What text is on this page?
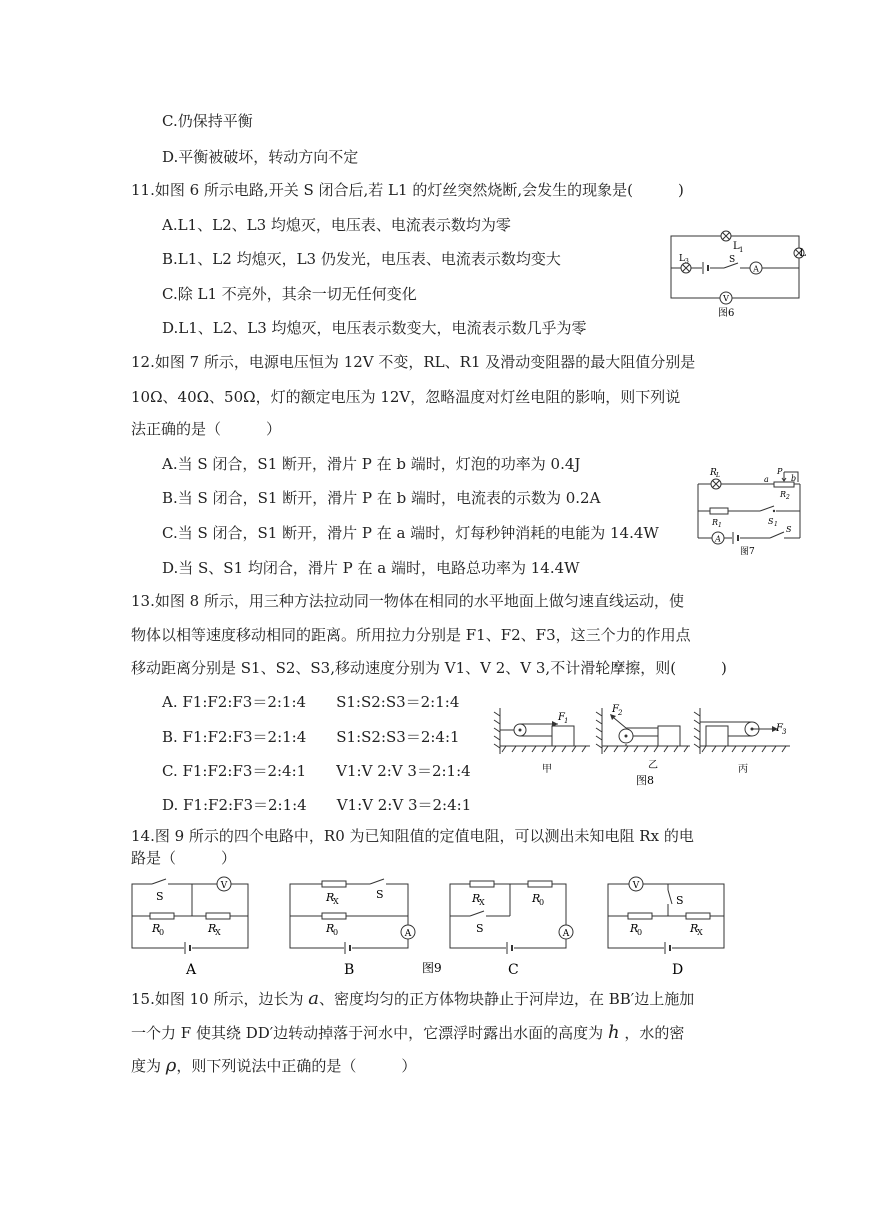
C.仍保持平衡
D.平衡被破坏，转动方向不定
11.如图 6 所示电路,开关 S 闭合后,若 L1 的灯丝突然烧断,会发生的现象是(　　　)
A.L1、L2、L3 均熄灭，电压表、电流表示数均为零
B.L1、L2 均熄灭，L3 仍发光，电压表、电流表示数均变大
C.除 L1 不亮外，其余一切无任何变化
D.L1、L2、L3 均熄灭，电压表示数变大，电流表示数几乎为零
L 1	L
L 3	S
A
V
图6
12.如图 7 所示，电源电压恒为 12V 不变，RL、R1 及滑动变阻器的最大阻值分别是
10Ω、40Ω、50Ω，灯的额定电压为 12V，忽略温度对灯丝电阻的影响，则下列说
法正确的是（　　　）
A.当 S 闭合，S1 断开，滑片 P 在 b 端时，灯泡的功率为 0.4J
B.当 S 闭合，S1 断开，滑片 P 在 b 端时，电流表的示数为 0.2A
C.当 S 闭合，S1 断开，滑片 P 在 a 端时，灯每秒钟消耗的电能为 14.4W
D.当 S、S1 均闭合，滑片 P 在 a 端时，电路总功率为 14.4W
R L	a
P
b
R 2
R 1	S 1
A
图7
S
13.如图 8 所示，用三种方法拉动同一物体在相同的水平地面上做匀速直线运动，使
物体以相等速度移动相同的距离。所用拉力分别是 F1、F2、F3，这三个力的作用点
移动距离分别是 S1、S2、S3,移动速度分别为 V1、V 2、V 3,不计滑轮摩擦，则(　　　)
A. F1:F2:F3＝2:1:4　　S1:S2:S3＝2:1:4
B. F1:F2:F3＝2:1:4　　S1:S2:S3＝2:4:1
C. F1:F2:F3＝2:4:1　　V1:V 2:V 3＝2:1:4
D. F1:F2:F3＝2:1:4　　V1:V 2:V 3＝2:4:1
F 1
F 2
F 3
甲	乙	丙
图8
14.图 9 所示的四个电路中，R0 为已知阻值的定值电阻，可以测出未知电阻 Rx 的电
路是（　　　）
S
V
R
0	R
X
A
R
X
S
R
0	A
B	图9
R
X	R
0
S	A
C
V
S
R
0	R
X
D
15.如图 10 所示，边长为 a、密度均匀的正方体物块静止于河岸边，在 BB′边上施加
一个力 F 使其绕 DD′边转动掉落于河水中，它漂浮时露出水面的高度为 h ，水的密
度为 ρ，则下列说法中正确的是（　　　）
